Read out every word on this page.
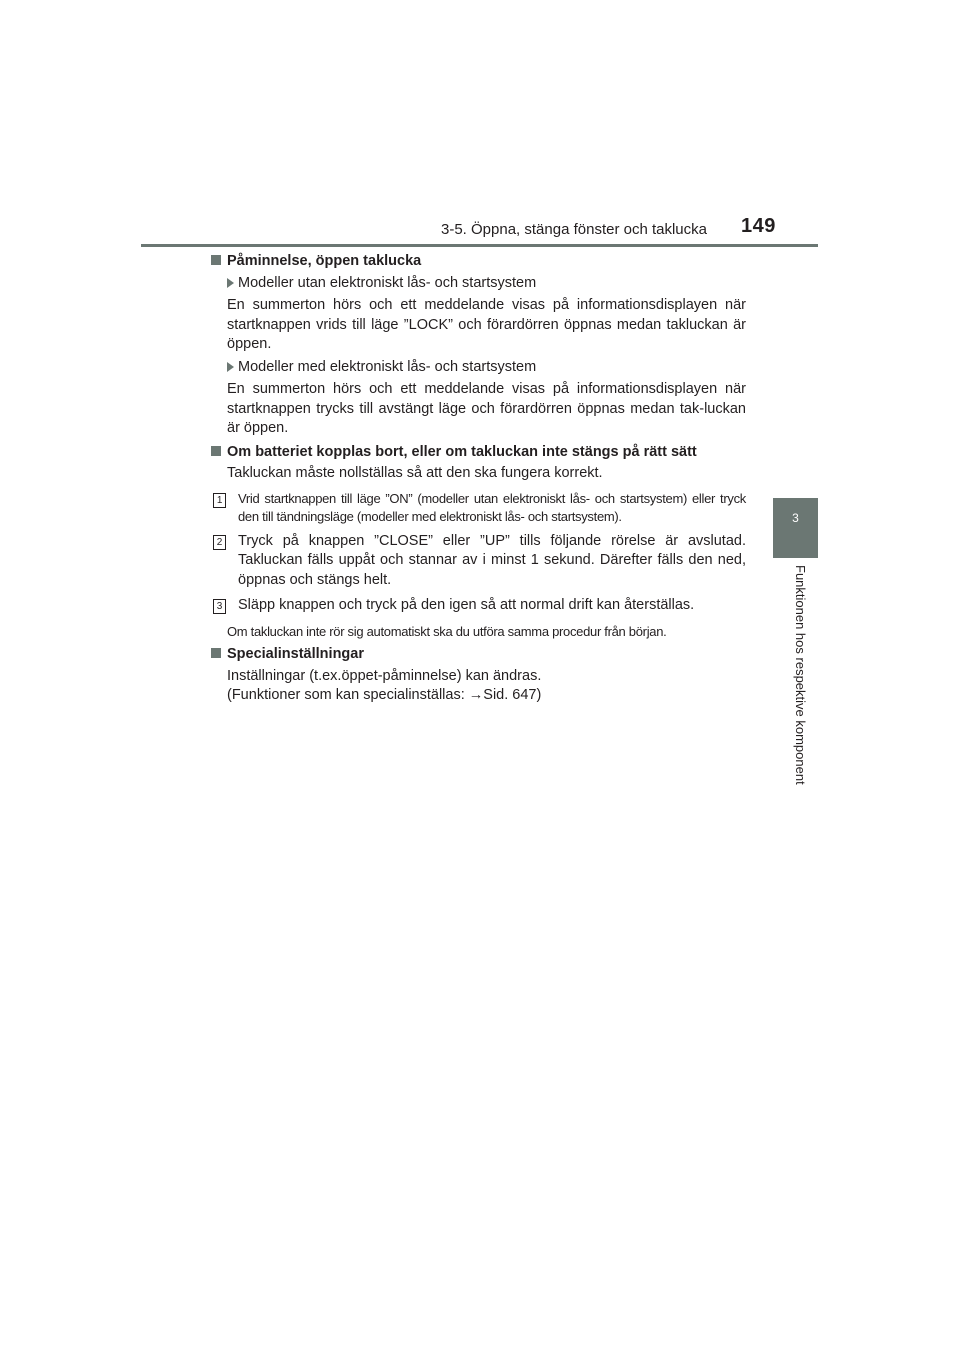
3-5. Öppna, stänga fönster och taklucka 149
3
Funktionen hos respektive komponent
Påminnelse, öppen taklucka
Modeller utan elektroniskt lås- och startsystem

En summerton hörs och ett meddelande visas på informationsdisplayen när startknappen vrids till läge ”LOCK” och förardörren öppnas medan takluckan är öppen.

Modeller med elektroniskt lås- och startsystem

En summerton hörs och ett meddelande visas på informationsdisplayen när startknappen trycks till avstängt läge och förardörren öppnas medan tak-luckan är öppen.

Om batteriet kopplas bort, eller om takluckan inte stängs på rätt sätt

Takluckan måste nollställas så att den ska fungera korrekt.

1 Vrid startknappen till läge ”ON” (modeller utan elektroniskt lås- och startsystem) eller tryck den till tändningsläge (modeller med elektroniskt lås- och startsystem).
2 Tryck på knappen ”CLOSE” eller ”UP” tills följande rörelse är avslutad. Takluckan fälls uppåt och stannar av i minst 1 sekund. Därefter fälls den ned, öppnas och stängs helt.
3 Släpp knappen och tryck på den igen så att normal drift kan återställas.
Om takluckan inte rör sig automatiskt ska du utföra samma procedur från början.
Specialinställningar
Inställningar (t.ex.öppet-påminnelse) kan ändras.
(Funktioner som kan specialinställas: →Sid. 647)
